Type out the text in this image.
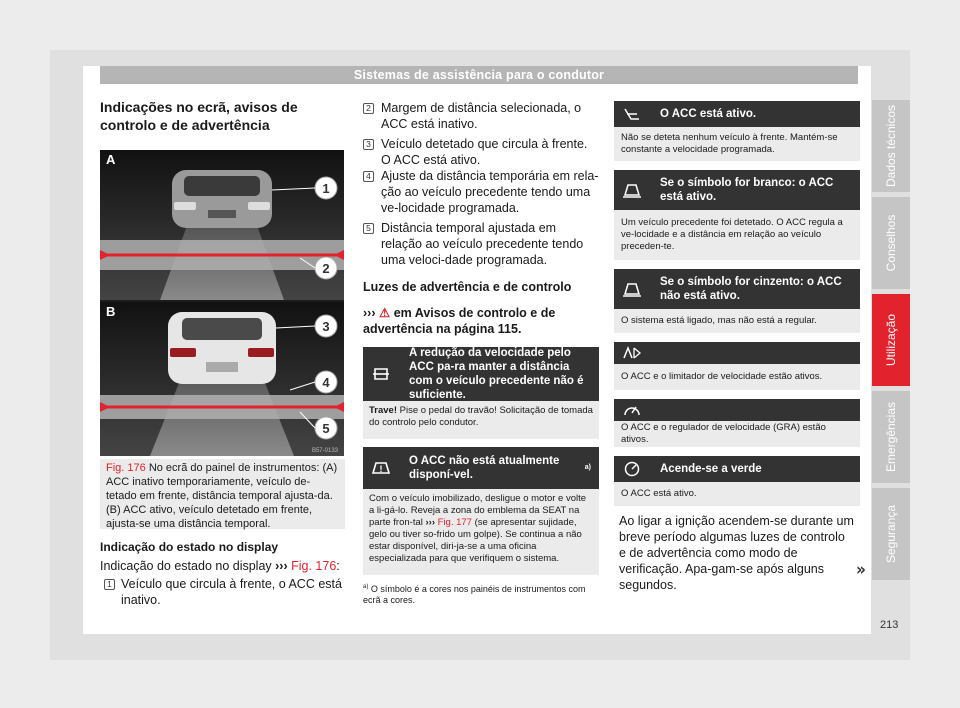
Sistemas de assistência para o condutor
Dados técnicos
Conselhos
Utilização
Emergências
Segurança
Indicações no ecrã, avisos de controlo e de advertência
A
1
2
B
3
4
5
B57-0133
Fig. 176 No ecrã do painel de instrumentos: (A) ACC inativo temporariamente, veículo de-tetado em frente, distância temporal ajusta-da. (B) ACC ativo, veículo detetado em frente, ajusta-se uma distância temporal.
Indicação do estado no display
Indicação do estado no display ››› Fig. 176:
1 Veículo que circula à frente, o ACC está inativo.
2 Margem de distância selecionada, o ACC está inativo.
3 Veículo detetado que circula à frente. O ACC está ativo.
4 Ajuste da distância temporária em rela-ção ao veículo precedente tendo uma ve-locidade programada.
5 Distância temporal ajustada em relação ao veículo precedente tendo uma veloci-dade programada.
Luzes de advertência e de controlo
››› ⚠ em Avisos de controlo e de advertência na página 115.
A redução da velocidade pelo ACC pa-ra manter a distância com o veículo precedente não é suficiente.
Trave! Pise o pedal do travão! Solicitação de tomada do controlo pelo condutor.
!
O ACC não está atualmente disponí-vel.
a)
Com o veículo imobilizado, desligue o motor e volte a li-gá-lo. Reveja a zona do emblema da SEAT na parte fron-tal ››› Fig. 177 (se apresentar sujidade, gelo ou tiver so-frido um golpe). Se continua a não estar disponível, diri-ja-se a uma oficina especializada para que verifiquem o sistema.
$^{a)}$ O símbolo é a cores nos painéis de instrumentos com ecrã a cores.
O ACC está ativo.
Não se deteta nenhum veículo à frente. Mantém-se constante a velocidade programada.
Se o símbolo for branco: o ACC está ativo.
Um veículo precedente foi detetado. O ACC regula a ve-locidade e a distância em relação ao veículo preceden-te.
Se o símbolo for cinzento: o ACC não está ativo.
O sistema está ligado, mas não está a regular.
O ACC e o limitador de velocidade estão ativos.
O ACC e o regulador de velocidade (GRA) estão ativos.
Acende-se a verde
O ACC está ativo.
Ao ligar a ignição acendem-se durante um breve período algumas luzes de controlo e de advertência como modo de verificação. Apa-gam-se após alguns segundos.
»
213
